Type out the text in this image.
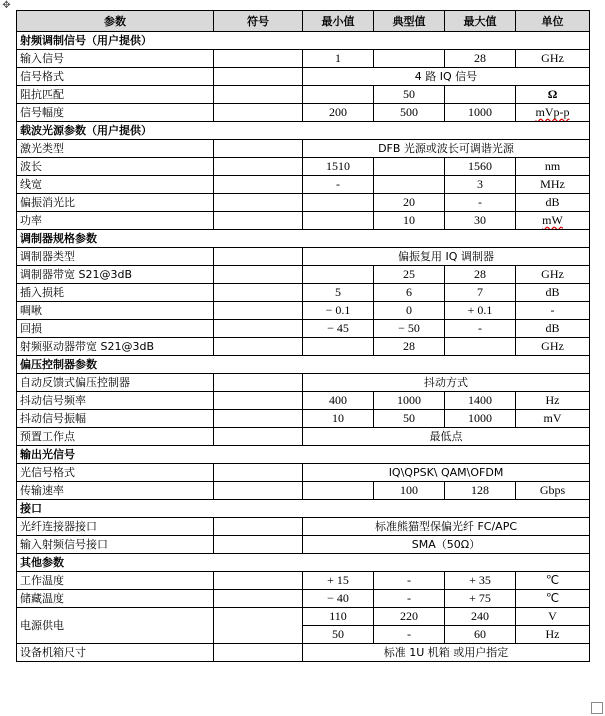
✥
参数	符号	最小值	典型值	最大值	单位
射频调制信号（用户提供）					
输入信号		1		28	GHz
信号格式		4 路 IQ 信号			
阻抗匹配			50		Ω
信号幅度		200	500	1000	mVp-p
载波光源参数（用户提供）					
激光类型		DFB 光源或波长可调谐光源			
波长		1510		1560	nm
线宽		-		3	MHz
偏振消光比			20	-	dB
功率			10	30	mW
调制器规格参数					
调制器类型		偏振复用 IQ 调制器			
调制器带宽 S21@3dB			25	28	GHz
插入损耗		5	6	7	dB
啁啾		− 0.1	0	+ 0.1	-
回损		− 45	− 50	-	dB
射频驱动器带宽 S21@3dB			28		GHz
偏压控制器参数					
自动反馈式偏压控制器		抖动方式			
抖动信号频率		400	1000	1400	Hz
抖动信号振幅		10	50	1000	mV
预置工作点		最低点			
输出光信号					
光信号格式		IQ\QPSK\ QAM\OFDM			
传输速率			100	128	Gbps
接口					
光纤连接器接口		标准熊猫型保偏光纤 FC/APC			
输入射频信号接口		SMA（50Ω）			
其他参数					
工作温度		+ 15	-	+ 35	℃
储藏温度		− 40	-	+ 75	℃
电源供电		110	220	240	V
		50	-	60	Hz
设备机箱尺寸		标准 1U 机箱 或用户指定			
